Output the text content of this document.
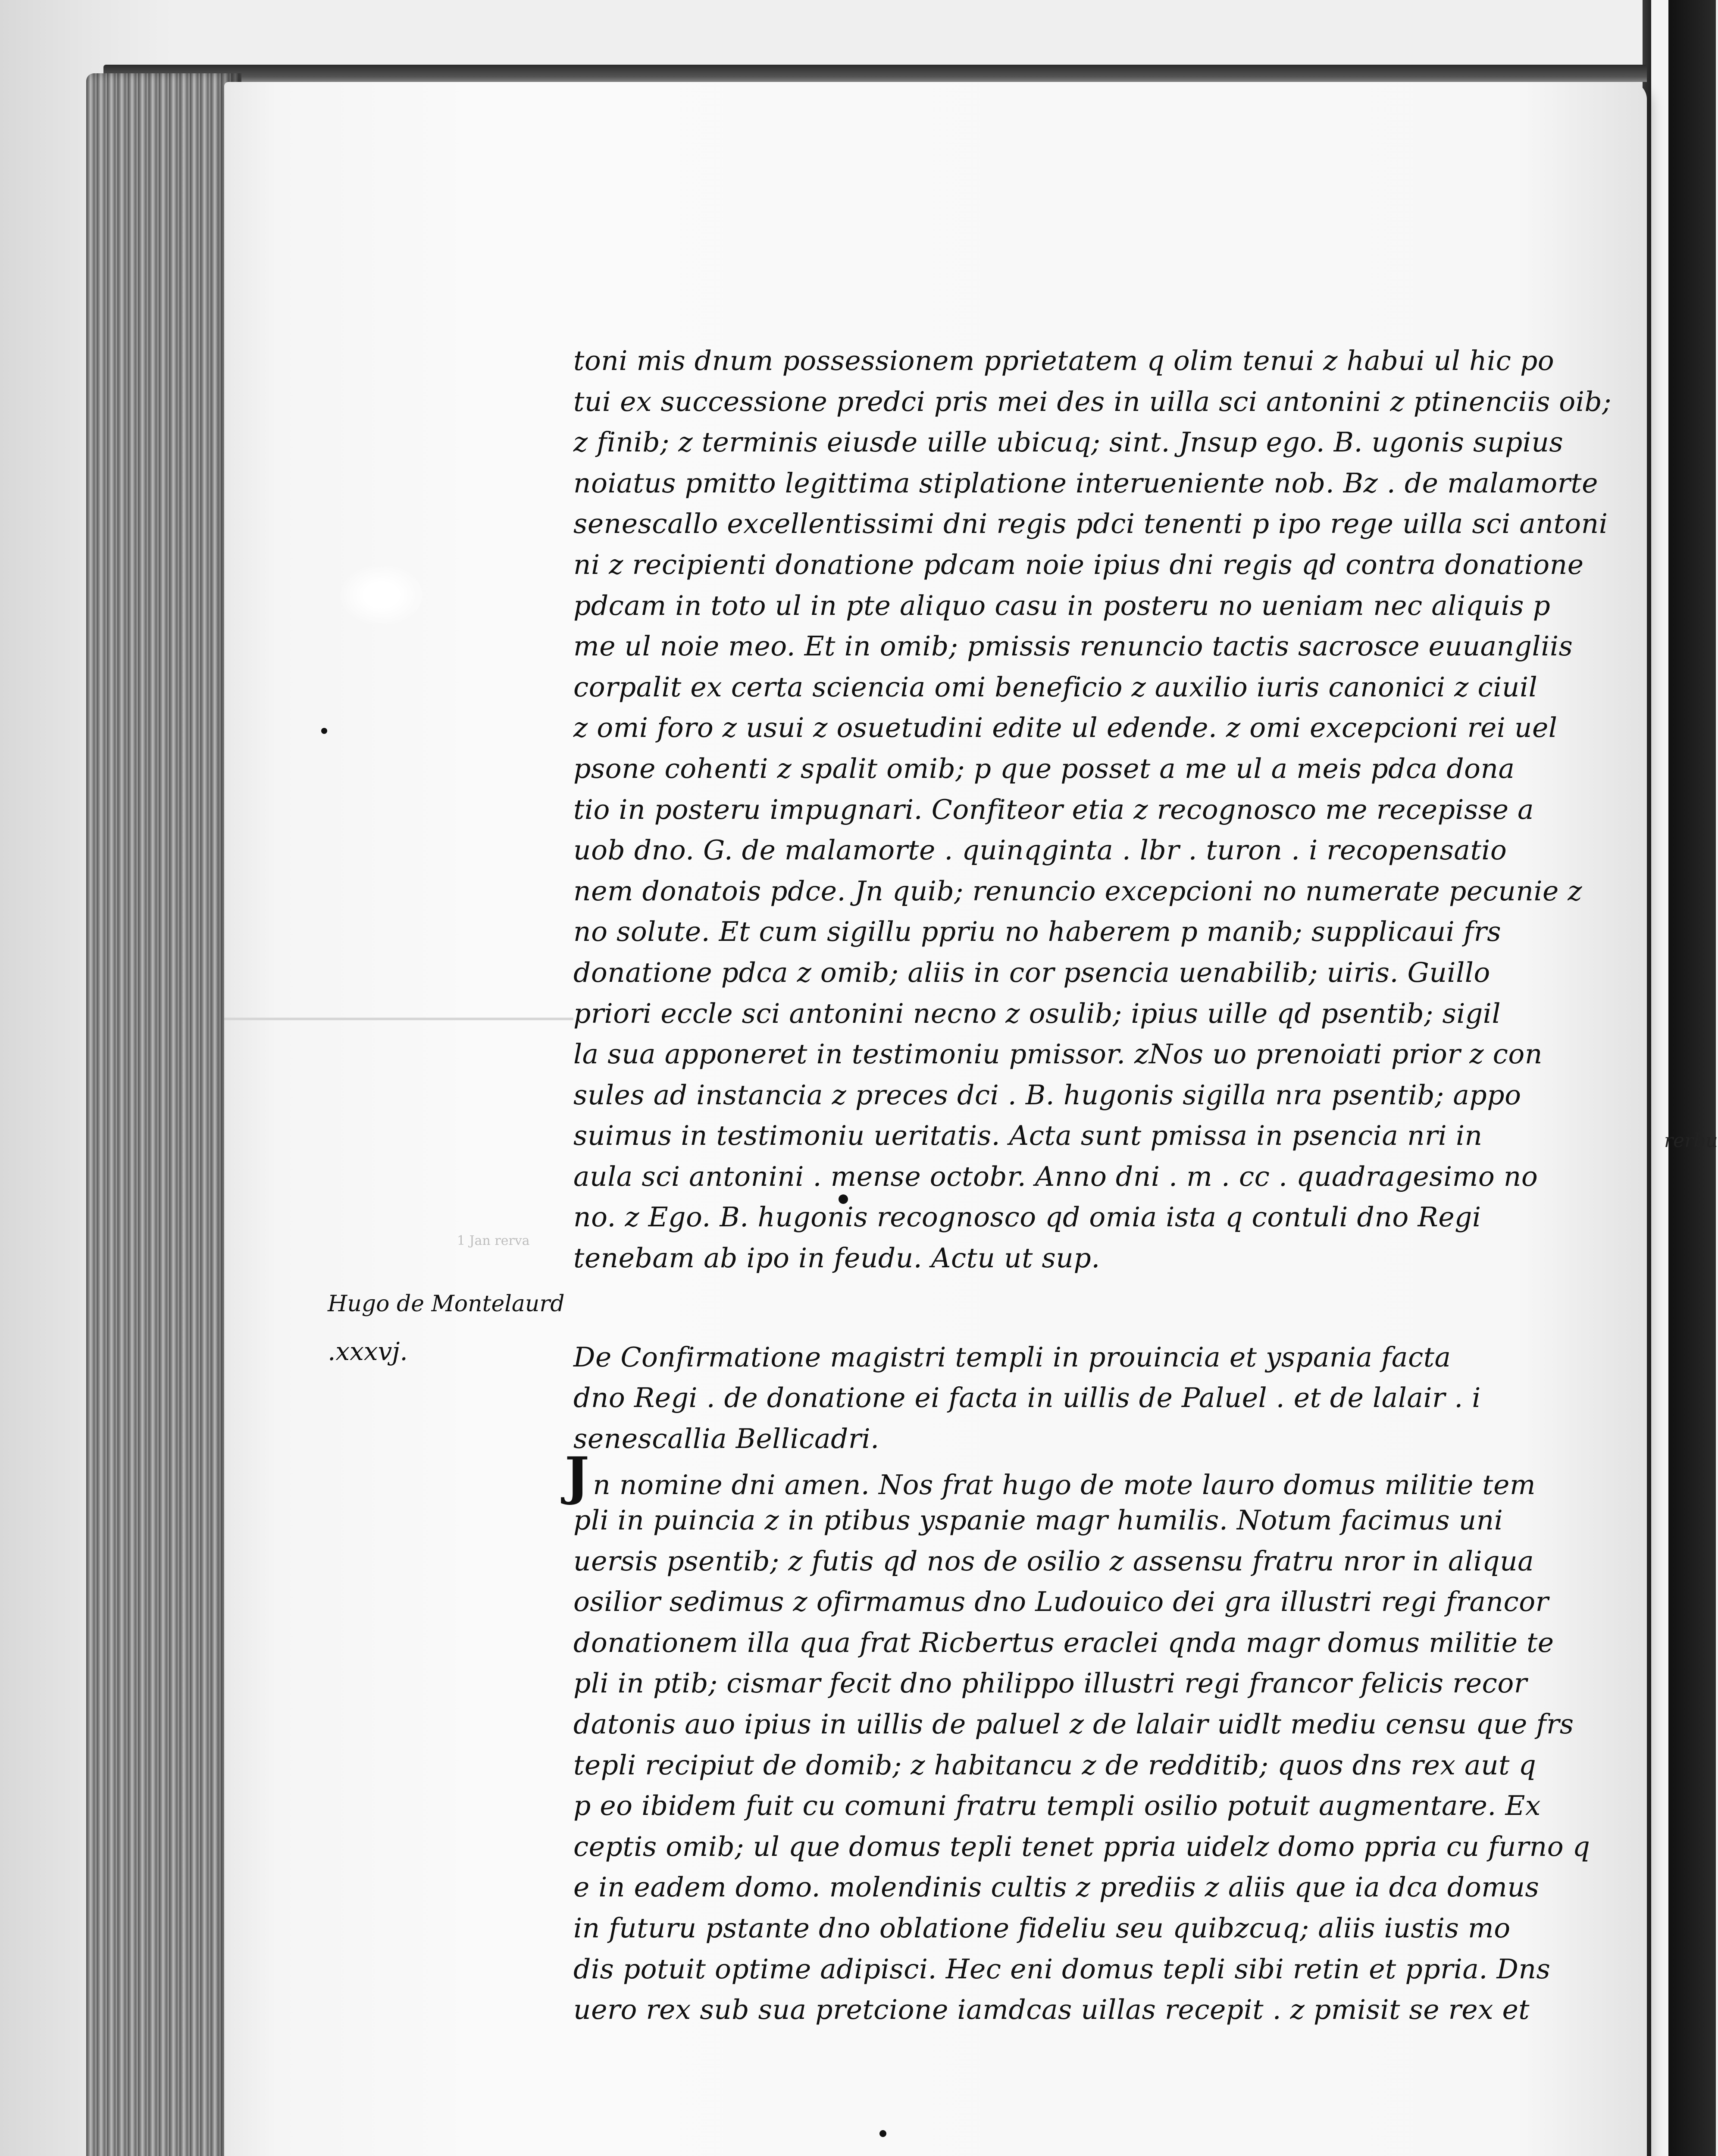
1 Jan rerva
toni mis dnum possessionem pprietatem q olim tenui z habui ul hic po
tui ex successione predci pris mei des in uilla sci antonini z ptinenciis oib;
z finib; z terminis eiusde uille ubicuq; sint. Jnsup ego. B. ugonis supius
noiatus pmitto legittima stiplatione interueniente nob. Bz . de malamorte
senescallo excellentissimi dni regis pdci tenenti p ipo rege uilla sci antoni
ni z recipienti donatione pdcam noie ipius dni regis qd contra donatione
pdcam in toto ul in pte aliquo casu in posteru no ueniam nec aliquis p
me ul noie meo. Et in omib; pmissis renuncio tactis sacrosce euuangliis
corpalit ex certa sciencia omi beneficio z auxilio iuris canonici z ciuil
z omi foro z usui z osuetudini edite ul edende. z omi excepcioni rei uel
psone cohenti z spalit omib; p que posset a me ul a meis pdca dona
tio in posteru impugnari. Confiteor etia z recognosco me recepisse a
uob dno. G. de malamorte . quinqginta . lbr . turon . i recopensatio
nem donatois pdce. Jn quib; renuncio excepcioni no numerate pecunie z
no solute. Et cum sigillu ppriu no haberem p manib; supplicaui frs
donatione pdca z omib; aliis in cor psencia uenabilib; uiris. Guillo
priori eccle sci antonini necno z osulib; ipius uille qd psentib; sigil
la sua apponeret in testimoniu pmissor. zNos uo prenoiati prior z con
sules ad instancia z preces dci . B. hugonis sigilla nra psentib; appo
suimus in testimoniu ueritatis. Acta sunt pmissa in psencia nri in
aula sci antonini . mense octobr. Anno dni . m . cc . quadragesimo no
no. z Ego. B. hugonis recognosco qd omia ista q contuli dno Regi
tenebam ab ipo in feudu. Actu ut sup.
De Confirmatione magistri templi in prouincia et yspania facta
dno Regi . de donatione ei facta in uillis de Paluel . et de lalair . i
senescallia Bellicadri.
Jn nomine dni amen. Nos frat hugo de mote lauro domus militie tem
pli in puincia z in ptibus yspanie magr humilis. Notum facimus uni
uersis psentib; z futis qd nos de osilio z assensu fratru nror in aliqua
osilior sedimus z ofirmamus dno Ludouico dei gra illustri regi francor
donationem illa qua frat Ricbertus eraclei qnda magr domus militie te
pli in ptib; cismar fecit dno philippo illustri regi francor felicis recor
datonis auo ipius in uillis de paluel z de lalair uidlt mediu censu que frs
tepli recipiut de domib; z habitancu z de redditib; quos dns rex aut q
p eo ibidem fuit cu comuni fratru templi osilio potuit augmentare. Ex
ceptis omib; ul que domus tepli tenet ppria uidelz domo ppria cu furno q
e in eadem domo. molendinis cultis z prediis z aliis que ia dca domus
in futuru pstante dno oblatione fideliu seu quibzcuq; aliis iustis mo
dis potuit optime adipisci. Hec eni domus tepli sibi retin et ppria. Dns
uero rex sub sua pretcione iamdcas uillas recepit . z pmisit se rex et
Hugo de Montelaurd
.xxxvj.
rerbu
